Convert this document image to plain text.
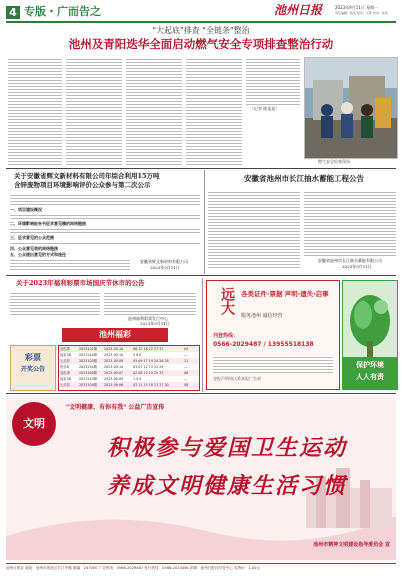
4 专版・广而告之	池州日报	2023年9月11日 星期一
责任编辑：陈某 版式：王某 校对：张某
"大起底"排查 "全链条"整治
池州及青阳迭华全面启动燃气安全专项排查整治行动
（记者 陈某某）
燃气安全检查现场
关于安徽省辉文新材料有限公司年综合利用15万吨
含锌废物项目环境影响评价公众参与第二次公示
一、项目建设概况
二、环境影响报告书征求意见稿的网络链接
三、征求意见的公众范围
四、公众意见表的网络链接
五、公众提出意见的方式和途径
安徽省辉文新材料有限公司
2023年9月11日
安徽省池州市长江抽水蓄能工程公告
安徽省池州市长江抽水蓄能有限公司
2023年9月11日
关于2023年福利彩票市场国庆节休市的公告
池州福利彩票发行中心
2023年9月11日
池州福彩
彩票
开奖公告
双色球	2023101期	2023-09-10	06 12 18 22 27 31	09
福彩3D	2023244期	2023-09-10	3 6 8	—
七乐彩	2023105期	2023-09-09	05 09 17 19 24 26 28	11
快乐8	2023244期	2023-09-10	03 07 12 15 22 29	—
双色球	2023100期	2023-09-07	02 08 15 19 25 33	06
福彩3D	2023243期	2023-09-09	1 4 9	—
七乐彩	2023104期	2023-09-06	03 11 14 18 21 27 30	08
远大 各类证件·票据 声明·遗失·启事
服务池州 诚信经营
刊登热线：
0566-2029487 / 13955518138
登报声明请认准本报广告部
保护环境
人人有责
文明
"文明健康、有你有我" 公益广告宣传
积极参与爱国卫生运动
养成文明健康生活习惯
池州市精神文明建设指导委员会 宣
池州日报社 地址：池州市贵池区长江中路 邮编：247000 广告热线：0566-2029487 发行热线：0566-2023456 印刷：池州日报社印务中心 零售价：1.00元
